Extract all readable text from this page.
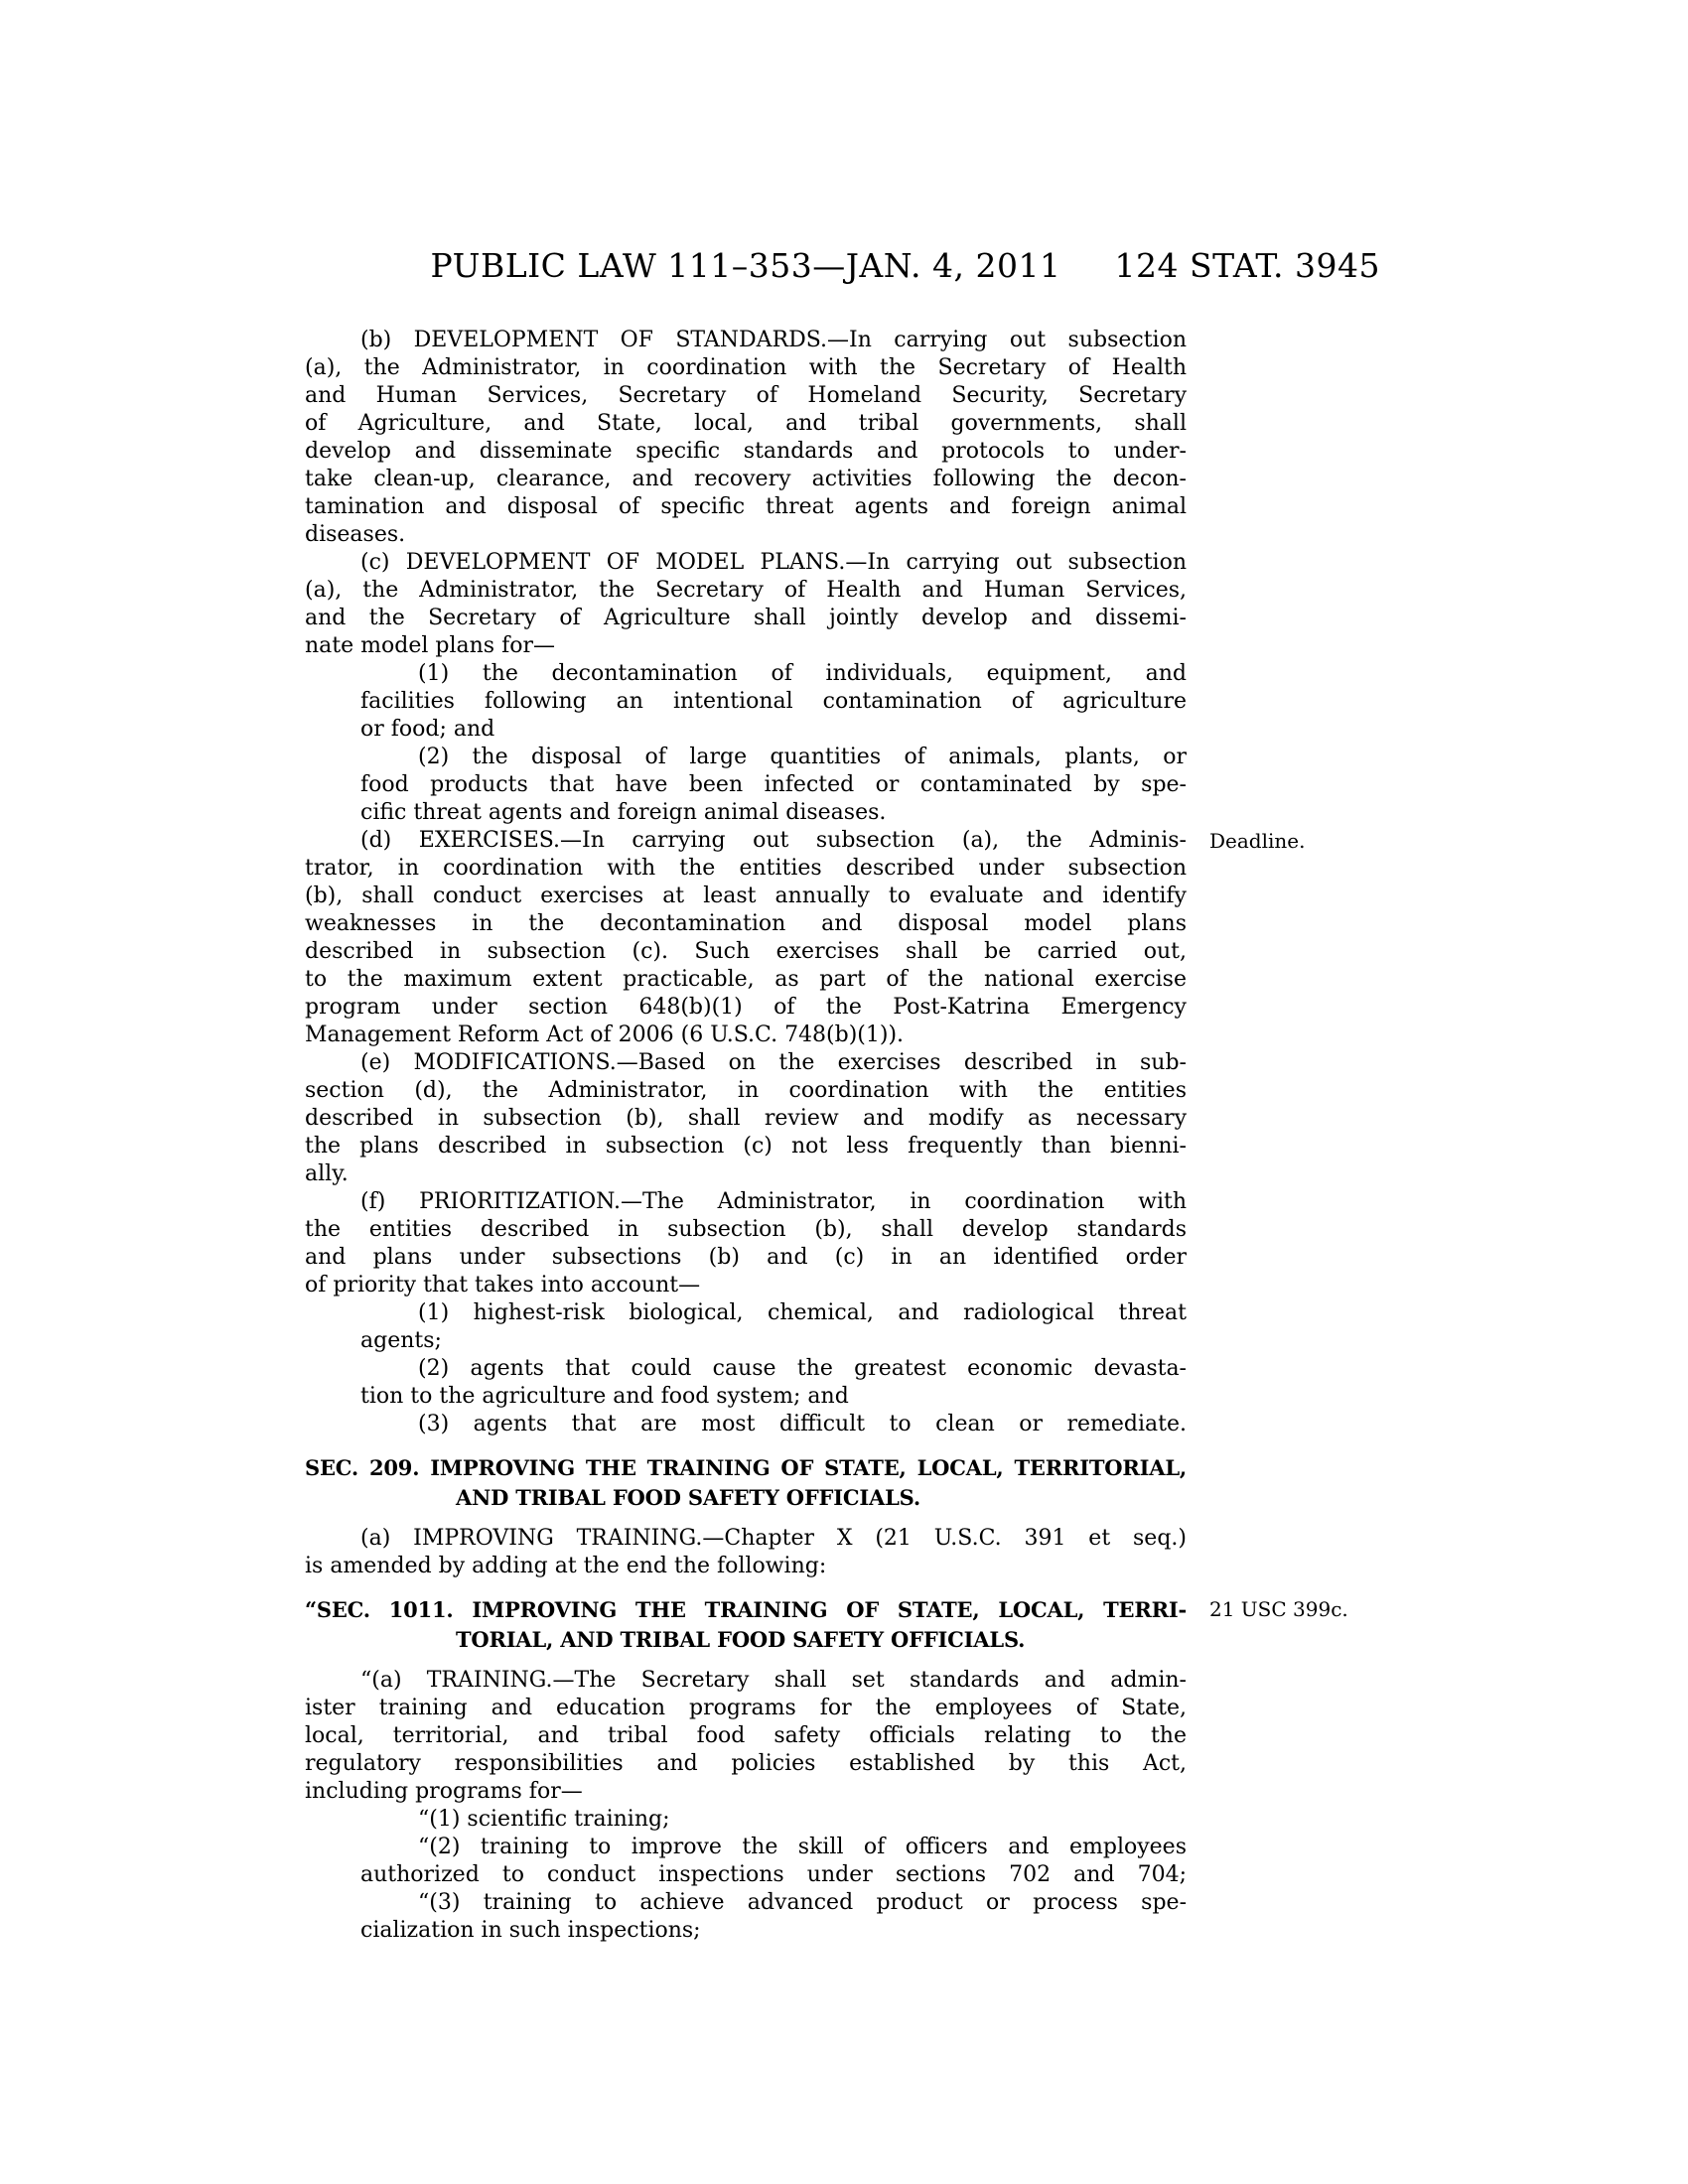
PUBLIC LAW 111–353—JAN. 4, 2011	124 STAT. 3945
(b) DEVELOPMENT OF STANDARDS.—In carrying out subsection
(a), the Administrator, in coordination with the Secretary of Health
and Human Services, Secretary of Homeland Security, Secretary
of Agriculture, and State, local, and tribal governments, shall
develop and disseminate specific standards and protocols to under-
take clean-up, clearance, and recovery activities following the decon-
tamination and disposal of specific threat agents and foreign animal
diseases.
(c) DEVELOPMENT OF MODEL PLANS.—In carrying out subsection
(a), the Administrator, the Secretary of Health and Human Services,
and the Secretary of Agriculture shall jointly develop and dissemi-
nate model plans for—
(1) the decontamination of individuals, equipment, and
facilities following an intentional contamination of agriculture
or food; and
(2) the disposal of large quantities of animals, plants, or
food products that have been infected or contaminated by spe-
cific threat agents and foreign animal diseases.
Deadline.
(d) EXERCISES.—In carrying out subsection (a), the Adminis-
trator, in coordination with the entities described under subsection
(b), shall conduct exercises at least annually to evaluate and identify
weaknesses in the decontamination and disposal model plans
described in subsection (c). Such exercises shall be carried out,
to the maximum extent practicable, as part of the national exercise
program under section 648(b)(1) of the Post-Katrina Emergency
Management Reform Act of 2006 (6 U.S.C. 748(b)(1)).
(e) MODIFICATIONS.—Based on the exercises described in sub-
section (d), the Administrator, in coordination with the entities
described in subsection (b), shall review and modify as necessary
the plans described in subsection (c) not less frequently than bienni-
ally.
(f) PRIORITIZATION.—The Administrator, in coordination with
the entities described in subsection (b), shall develop standards
and plans under subsections (b) and (c) in an identified order
of priority that takes into account—
(1) highest-risk biological, chemical, and radiological threat
agents;
(2) agents that could cause the greatest economic devasta-
tion to the agriculture and food system; and
(3) agents that are most difficult to clean or remediate.
SEC. 209. IMPROVING THE TRAINING OF STATE, LOCAL, TERRITORIAL,
AND TRIBAL FOOD SAFETY OFFICIALS.
(a) IMPROVING TRAINING.—Chapter X (21 U.S.C. 391 et seq.)
is amended by adding at the end the following:
21 USC 399c.
“SEC. 1011. IMPROVING THE TRAINING OF STATE, LOCAL, TERRI-
TORIAL, AND TRIBAL FOOD SAFETY OFFICIALS.
“(a) TRAINING.—The Secretary shall set standards and admin-
ister training and education programs for the employees of State,
local, territorial, and tribal food safety officials relating to the
regulatory responsibilities and policies established by this Act,
including programs for—
“(1) scientific training;
“(2) training to improve the skill of officers and employees
authorized to conduct inspections under sections 702 and 704;
“(3) training to achieve advanced product or process spe-
cialization in such inspections;
